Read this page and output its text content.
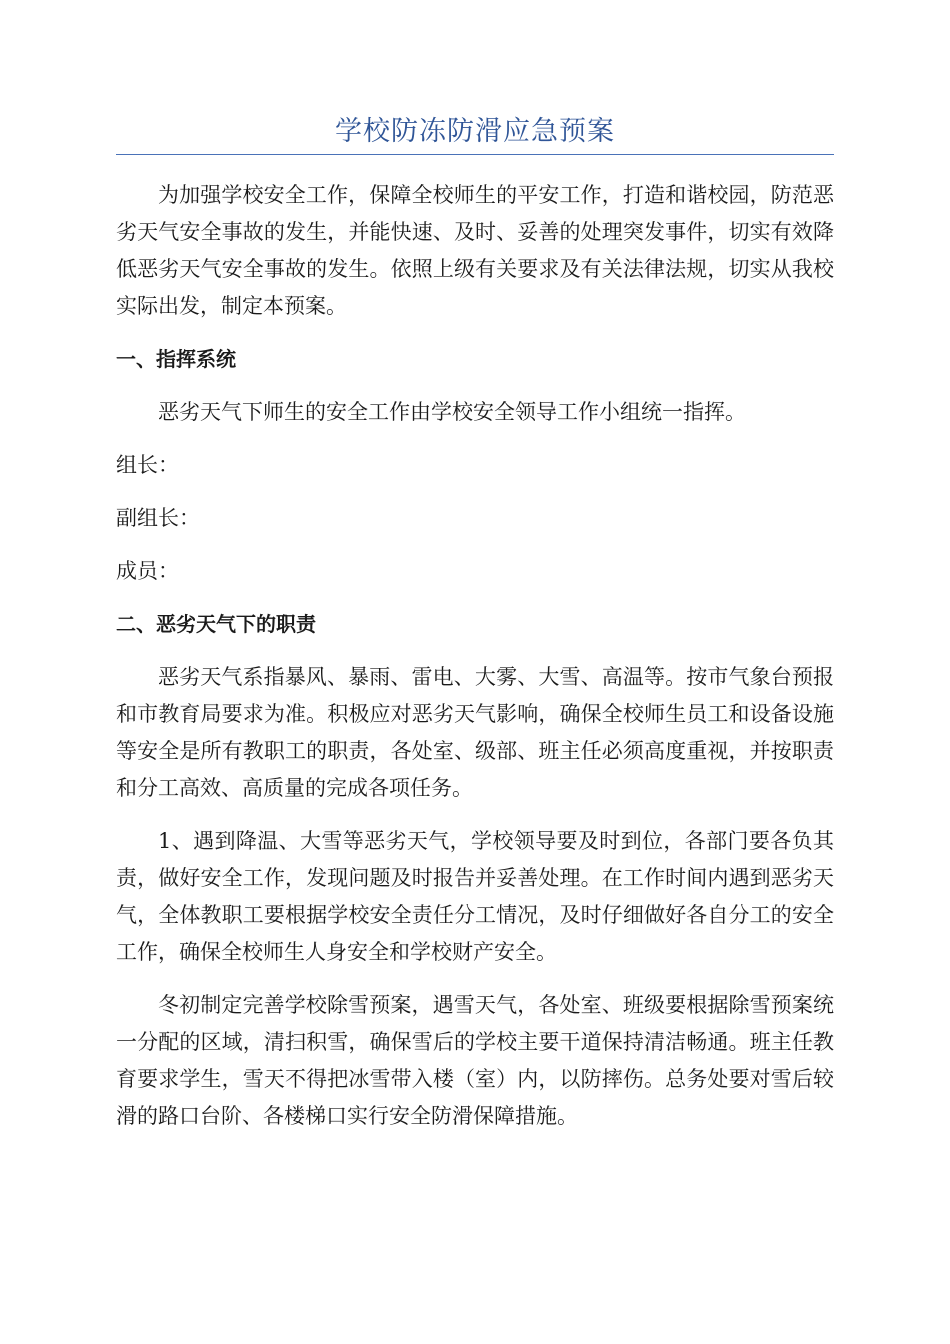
学校防冻防滑应急预案

为加强学校安全工作，保障全校师生的平安工作，打造和谐校园，防范恶劣天气安全事故的发生，并能快速、及时、妥善的处理突发事件，切实有效降低恶劣天气安全事故的发生。依照上级有关要求及有关法律法规，切实从我校实际出发，制定本预案。

一、指挥系统

恶劣天气下师生的安全工作由学校安全领导工作小组统一指挥。

组长：

副组长：

成员：

二、恶劣天气下的职责

恶劣天气系指暴风、暴雨、雷电、大雾、大雪、高温等。按市气象台预报和市教育局要求为准。积极应对恶劣天气影响，确保全校师生员工和设备设施等安全是所有教职工的职责，各处室、级部、班主任必须高度重视，并按职责和分工高效、高质量的完成各项任务。

1、遇到降温、大雪等恶劣天气，学校领导要及时到位，各部门要各负其责，做好安全工作，发现问题及时报告并妥善处理。在工作时间内遇到恶劣天气，全体教职工要根据学校安全责任分工情况，及时仔细做好各自分工的安全工作，确保全校师生人身安全和学校财产安全。

冬初制定完善学校除雪预案，遇雪天气，各处室、班级要根据除雪预案统一分配的区域，清扫积雪，确保雪后的学校主要干道保持清洁畅通。班主任教育要求学生，雪天不得把冰雪带入楼（室）内，以防摔伤。总务处要对雪后较滑的路口台阶、各楼梯口实行安全防滑保障措施。
